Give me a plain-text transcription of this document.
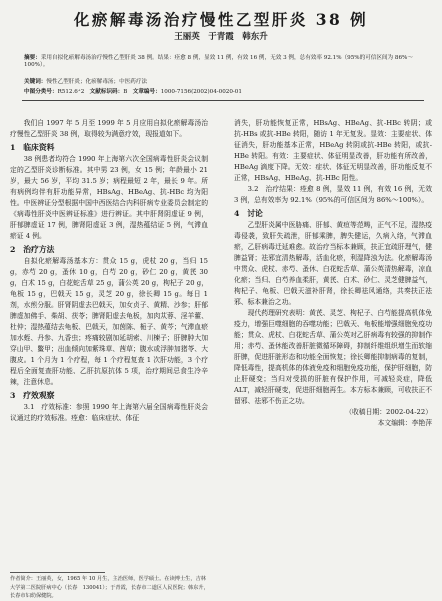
化瘀解毒汤治疗慢性乙型肝炎 38 例
王丽英　于青霞　韩东升
摘要：采用自拟化瘀解毒汤治疗慢性乙型肝炎 38 例。结果：痊愈 8 例，显效 11 例，有效 16 例，无效 3 例，总有效率 92.1%（95%的可信区间为 86%～100%）。
关键词：慢性乙型肝炎；化瘀解毒汤；中医药疗法
中图分类号：R512.6⁺2 文献标识码：B 文章编号：1000-7156(2002)04-0020-01

我们自 1997 年 5 月至 1999 年 5 月应用自拟化瘀解毒汤治疗慢性乙型肝炎 38 例，取得较为满意疗效，现报道如下。

1　临床资料

38 例患者均符合 1990 年上海第六次全国病毒性肝炎会议制定的乙型肝炎诊断标准。其中男 23 例，女 15 例；年龄最小 21 岁，最大 56 岁，平均 31.5 岁；病程最短 2 年，最长 9 年。所有病例均伴有肝功能异常，HBsAg、HBeAg、抗-HBc 均为阳性。中医辨证分型根据中国中西医结合内科肝病专业委员会制定的《病毒性肝炎中医辨证标准》进行辨证。其中肝肾阴虚证 9 例，肝郁脾虚证 17 例，脾肾阳虚证 3 例，湿热蕴结证 5 例，气滞血瘀证 4 例。

2　治疗方法

自拟化瘀解毒汤基本方：贯众 15 g，虎杖 20 g，当归 15 g，赤芍 20 g，蚤休 10 g，白芍 20 g，砂仁 20 g，黄芪 30 g，白术 15 g，白花蛇舌草 25 g，蒲公英 20 g，枸杞子 20 g，龟板 15 g，巴戟天 15 g，灵芝 20 g，徐长卿 15 g。每日 1 剂，水煎分服。肝肾阴虚去巴戟天，加女贞子、黄精、沙参；肝郁脾虚加佛手、柴胡、茯苓；脾肾阳虚去龟板，加肉苁蓉、淫羊藿、杜仲；湿热蕴结去龟板、巴戟天，加茵陈、栀子、黄芩；气滞血瘀加水蛭、丹参、九香虫；疼痛较剧加延胡索、川楝子；肝脾肿大加穿山甲、鳖甲；出血倾向加紫珠草、茜草；腹水或浮肿加猪苓、大腹皮。1 个月为 1 个疗程，每 1 个疗程复查 1 次肝功能，3 个疗程后全面复查肝功能、乙肝抗原抗体 5 项，治疗期间忌食生冷辛辣，注意休息。

3　疗效观察

3.1　疗效标准：参照 1990 年上海第六届全国病毒性肝炎会议通过的疗效标准。痊愈：临床症状、体征

消失，肝功能恢复正常，HBsAg、HBeAg、抗-HBc 转阴；或抗-HBs 或抗-HBe 转阳，随访 1 年无复发。显效：主要症状、体征消失，肝功能基本正常，HBeAg 转阴或抗-HBe 转阳，或抗-HBe 转阳。有效：主要症状、体征明显改善，肝功能有所改善，HBeAg 滴度下降。无效：症状、体征无明显改善，肝功能反复不正常，HBsAg、HBeAg、抗-HBc 阳性。

3.2　治疗结果：痊愈 8 例，显效 11 例，有效 16 例，无效 3 例，总有效率为 92.1%（95%的可信区间为 86%～100%）。

4　讨论

乙型肝炎属中医胁痛、肝郁、黄疸等范畴，正气不足，湿热疫毒侵袭，致肝失疏泄，肝郁乘脾，脾失健运，久病入络，气滞血瘀，乙肝病毒迁延难愈。故治疗当标本兼顾，扶正宜疏肝理气，健脾益肾；祛邪宜清热解毒，活血化瘀，利湿降浊为法。化瘀解毒汤中贯众、虎杖、赤芍、蚤休、白花蛇舌草、蒲公英清热解毒，凉血化瘀；当归、白芍养血柔肝，黄芪、白术、砂仁、灵芝健脾益气，枸杞子、龟板、巴戟天滋补肝肾，徐长卿祛风通络，共奏扶正祛邪、标本兼治之功。

现代药理研究表明：黄芪、灵芝、枸杞子、白芍能提高机体免疫力，增强巨噬细胞的吞噬功能；巴戟天、龟板能增强细胞免疫功能；贯众、虎杖、白花蛇舌草、蒲公英对乙肝病毒有较强的抑制作用；赤芍、蚤休能改善肝脏微循环障碍，抑制纤维组织增生而软缩肝脾，促进肝脏形态和功能全面恢复；徐长卿能抑制病毒的复制，降低毒性，提高机体的体液免疫和细胞免疫功能，保护肝细胞，防止肝硬变；当归对受损的肝脏有保护作用，可减轻炎症，降低 ALT，减轻肝硬变，促进肝细胞再生。本方标本兼顾，可收扶正不留邪、祛邪不伤正之功。

（收稿日期：2002-04-22）

本文编辑：李艳萍

作者简介：王丽英，女，1965 年 10 月生，主治医师，医学硕士。在读博士生，吉林大学第二医院肝病中心（长春　130041）；于青霞，长春市二道区人民医院；韩东升，长春市妇幼保健院。
